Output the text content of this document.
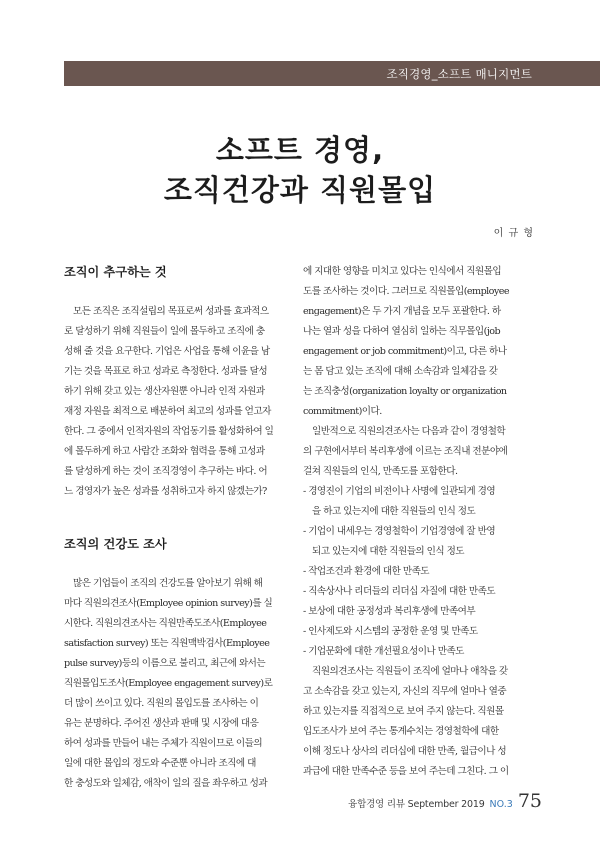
조직경영_소프트 매니지먼트
소프트 경영,
조직건강과 직원몰입
이 규 형
조직이 추구하는 것
　모든 조직은 조직설립의 목표로써 성과를 효과적으
로 달성하기 위해 직원들이 일에 몰두하고 조직에 충
성해 줄 것을 요구한다. 기업은 사업을 통해 이윤을 남
기는 것을 목표로 하고 성과로 측정한다. 성과를 달성
하기 위해 갖고 있는 생산자원뿐 아니라 인적 자원과
재정 자원을 최적으로 배분하여 최고의 성과를 얻고자
한다. 그 중에서 인적자원의 작업동기를 활성화하여 일
에 몰두하게 하고 사람간 조화와 협력을 통해 고성과
를 달성하게 하는 것이 조직경영이 추구하는 바다. 어
느 경영자가 높은 성과를 성취하고자 하지 않겠는가?
조직의 건강도 조사
　많은 기업들이 조직의 건강도를 알아보기 위해 해
마다 직원의견조사(Employee opinion survey)를 실
시한다. 직원의견조사는 직원만족도조사(Employee
satisfaction survey) 또는 직원맥박검사(Employee
pulse survey)등의 이름으로 불리고, 최근에 와서는
직원몰입도조사(Employee engagement survey)로
더 많이 쓰이고 있다. 직원의 몰입도를 조사하는 이
유는 분명하다. 주어진 생산과 판매 및 시장에 대응
하여 성과를 만들어 내는 주체가 직원이므로 이들의
일에 대한 몰입의 정도와 수준뿐 아니라 조직에 대
한 충성도와 일체감, 애착이 일의 질을 좌우하고 성과
에 지대한 영향을 미치고 있다는 인식에서 직원몰입
도를 조사하는 것이다. 그러므로 직원몰입(employee
engagement)은 두 가지 개념을 모두 포괄한다. 하
나는 열과 성을 다하여 열심히 일하는 직무몰입(job
engagement or job commitment)이고, 다른 하나
는 몸 담고 있는 조직에 대해 소속감과 일체감을 갖
는 조직충성(organization loyalty or organization
commitment)이다.
　일반적으로 직원의견조사는 다음과 같이 경영철학
의 구현에서부터 복리후생에 이르는 조직내 전분야에
걸쳐 직원들의 인식, 만족도를 포함한다.
- 경영진이 기업의 비전이나 사명에 일관되게 경영
　을 하고 있는지에 대한 직원들의 인식 정도
- 기업이 내세우는 경영철학이 기업경영에 잘 반영
　되고 있는지에 대한 직원들의 인식 정도
- 작업조건과 환경에 대한 만족도
- 직속상사나 리더들의 리더십 자질에 대한 만족도
- 보상에 대한 공정성과 복리후생에 만족여부
- 인사제도와 시스템의 공정한 운영 및 만족도
- 기업문화에 대한 개선필요성이나 만족도
　직원의견조사는 직원들이 조직에 얼마나 애착을 갖
고 소속감을 갖고 있는지, 자신의 직무에 얼마나 열중
하고 있는지를 직접적으로 보여 주지 않는다. 직원몰
입도조사가 보여 주는 통계수치는 경영철학에 대한
이해 정도나 상사의 리더십에 대한 만족, 월급이나 성
과급에 대한 만족수준 등을 보여 주는데 그친다. 그 이
융합경영 리뷰 September 2019 NO.3 75
